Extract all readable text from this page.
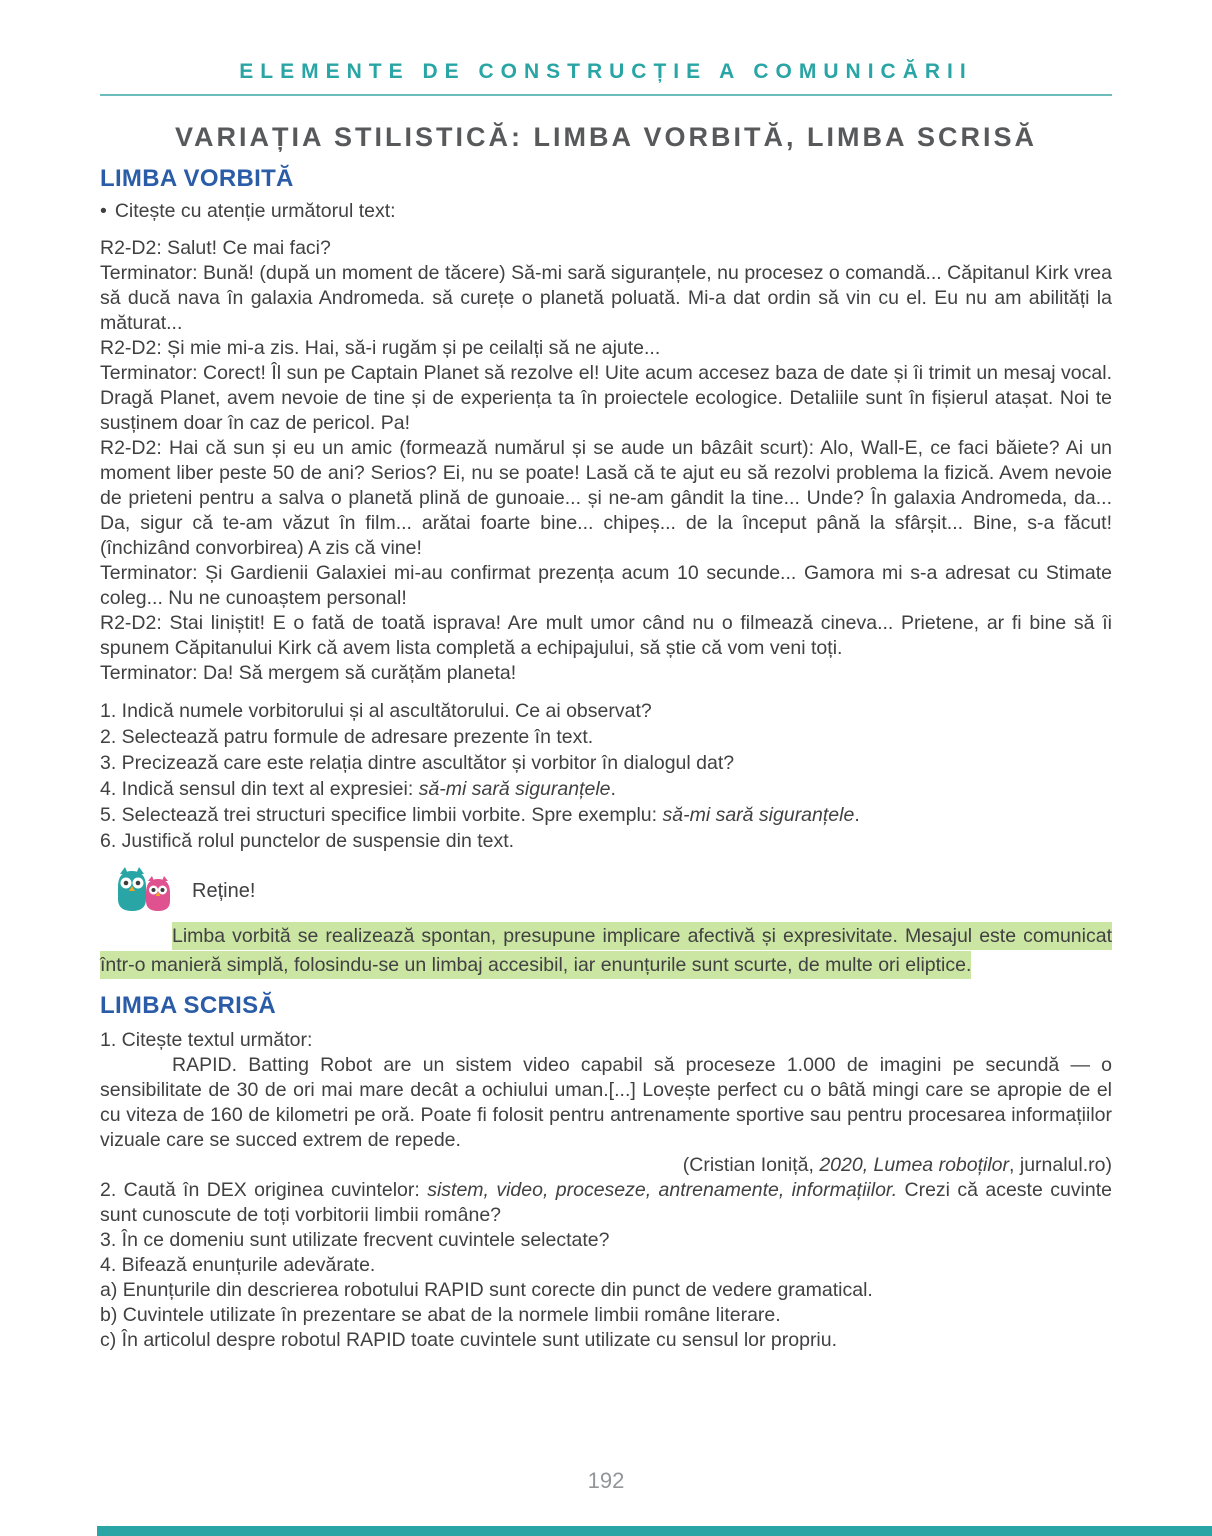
ELEMENTE DE CONSTRUCȚIE A COMUNICĂRII
VARIAȚIA STILISTICĂ: LIMBA VORBITĂ, LIMBA SCRISĂ
LIMBA VORBITĂ

• Citește cu atenție următorul text:

R2-D2: Salut! Ce mai faci?

Terminator: Bună! (după un moment de tăcere) Să-mi sară siguranțele, nu procesez o comandă... Căpitanul Kirk vrea să ducă nava în galaxia Andromeda. să curețe o planetă poluată. Mi-a dat ordin să vin cu el. Eu nu am abilități la măturat...

R2-D2: Și mie mi-a zis. Hai, să-i rugăm și pe ceilalți să ne ajute...

Terminator: Corect! Îl sun pe Captain Planet să rezolve el! Uite acum accesez baza de date și îi trimit un mesaj vocal. Dragă Planet, avem nevoie de tine și de experiența ta în proiectele ecologice. Detaliile sunt în fișierul atașat. Noi te susținem doar în caz de pericol. Pa!

R2-D2: Hai că sun și eu un amic (formează numărul și se aude un bâzâit scurt): Alo, Wall-E, ce faci băiete? Ai un moment liber peste 50 de ani? Serios? Ei, nu se poate! Lasă că te ajut eu să rezolvi problema la fizică. Avem nevoie de prieteni pentru a salva o planetă plină de gunoaie... și ne-am gândit la tine... Unde? În galaxia Andromeda, da... Da, sigur că te-am văzut în film... arătai foarte bine... chipeș... de la început până la sfârșit... Bine, s-a făcut! (închizând convorbirea) A zis că vine!

Terminator: Și Gardienii Galaxiei mi-au confirmat prezența acum 10 secunde... Gamora mi s-a adresat cu Stimate coleg... Nu ne cunoaștem personal!

R2-D2: Stai liniștit! E o fată de toată isprava! Are mult umor când nu o filmează cineva... Prietene, ar fi bine să îi spunem Căpitanului Kirk că avem lista completă a echipajului, să știe că vom veni toți.

Terminator: Da! Să mergem să curățăm planeta!

1. Indică numele vorbitorului și al ascultătorului. Ce ai observat?

2. Selectează patru formule de adresare prezente în text.

3. Precizează care este relația dintre ascultător și vorbitor în dialogul dat?

4. Indică sensul din text al expresiei: să-mi sară siguranțele.

5. Selectează trei structuri specifice limbii vorbite. Spre exemplu: să-mi sară siguranțele.

6. Justifică rolul punctelor de suspensie din text.

Reține!

Limba vorbită se realizează spontan, presupune implicare afectivă și expresivitate. Mesajul este comunicat într-o manieră simplă, folosindu-se un limbaj accesibil, iar enunțurile sunt scurte, de multe ori eliptice.

LIMBA SCRISĂ

1. Citește textul următor:

RAPID. Batting Robot are un sistem video capabil să proceseze 1.000 de imagini pe secundă — o sensibilitate de 30 de ori mai mare decât a ochiului uman.[...] Lovește perfect cu o bâtă mingi care se apropie de el cu viteza de 160 de kilometri pe oră. Poate fi folosit pentru antrenamente sportive sau pentru procesarea informațiilor vizuale care se succed extrem de repede.

(Cristian Ioniță, 2020, Lumea roboților, jurnalul.ro)

2. Caută în DEX originea cuvintelor: sistem, video, proceseze, antrenamente, informațiilor. Crezi că aceste cuvinte sunt cunoscute de toți vorbitorii limbii române?

3. În ce domeniu sunt utilizate frecvent cuvintele selectate?

4. Bifează enunțurile adevărate.

a) Enunțurile din descrierea robotului RAPID sunt corecte din punct de vedere gramatical.

b) Cuvintele utilizate în prezentare se abat de la normele limbii române literare.

c) În articolul despre robotul RAPID toate cuvintele sunt utilizate cu sensul lor propriu.

192
